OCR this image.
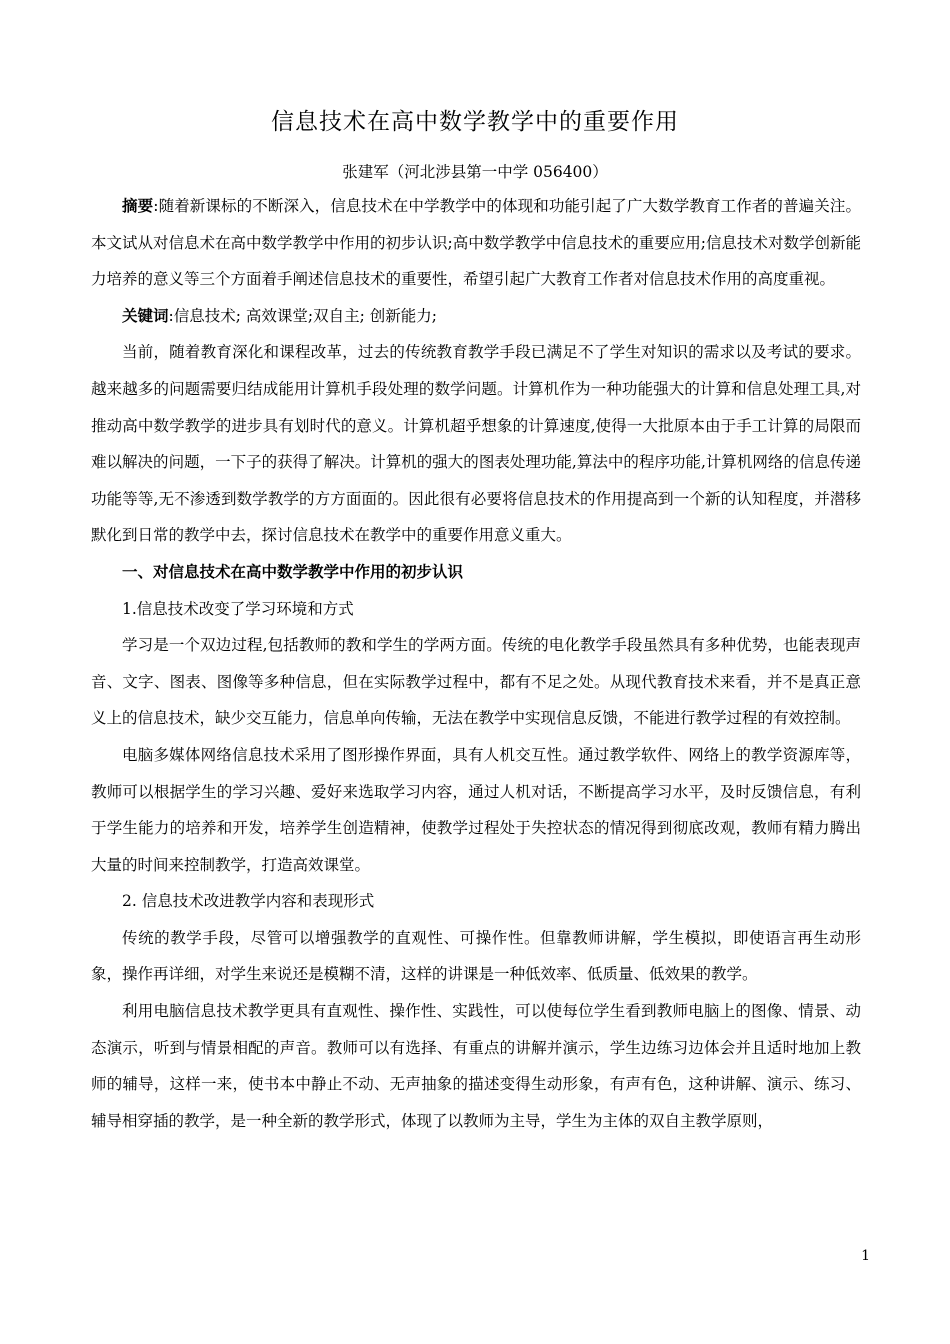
信息技术在高中数学教学中的重要作用
张建军（河北涉县第一中学 056400）

摘要:随着新课标的不断深入，信息技术在中学教学中的体现和功能引起了广大数学教育工作者的普遍关注。本文试从对信息术在高中数学教学中作用的初步认识;高中数学教学中信息技术的重要应用;信息技术对数学创新能力培养的意义等三个方面着手阐述信息技术的重要性，希望引起广大教育工作者对信息技术作用的高度重视。

关键词:信息技术; 高效课堂;双自主; 创新能力;

当前，随着教育深化和课程改革，过去的传统教育教学手段已满足不了学生对知识的需求以及考试的要求。越来越多的问题需要归结成能用计算机手段处理的数学问题。计算机作为一种功能强大的计算和信息处理工具,对推动高中数学教学的进步具有划时代的意义。计算机超乎想象的计算速度,使得一大批原本由于手工计算的局限而难以解决的问题，一下子的获得了解决。计算机的强大的图表处理功能,算法中的程序功能,计算机网络的信息传递功能等等,无不渗透到数学教学的方方面面的。因此很有必要将信息技术的作用提高到一个新的认知程度，并潜移默化到日常的教学中去，探讨信息技术在教学中的重要作用意义重大。

一、对信息技术在高中数学教学中作用的初步认识

1.信息技术改变了学习环境和方式

学习是一个双边过程,包括教师的教和学生的学两方面。传统的电化教学手段虽然具有多种优势，也能表现声音、文字、图表、图像等多种信息，但在实际教学过程中，都有不足之处。从现代教育技术来看，并不是真正意义上的信息技术，缺少交互能力，信息单向传输，无法在教学中实现信息反馈，不能进行教学过程的有效控制。

电脑多媒体网络信息技术采用了图形操作界面，具有人机交互性。通过教学软件、网络上的教学资源库等，教师可以根据学生的学习兴趣、爱好来选取学习内容，通过人机对话，不断提高学习水平，及时反馈信息，有利于学生能力的培养和开发，培养学生创造精神，使教学过程处于失控状态的情况得到彻底改观，教师有精力腾出大量的时间来控制教学，打造高效课堂。

2. 信息技术改进教学内容和表现形式

传统的教学手段，尽管可以增强教学的直观性、可操作性。但靠教师讲解，学生模拟，即使语言再生动形象，操作再详细，对学生来说还是模糊不清，这样的讲课是一种低效率、低质量、低效果的教学。

利用电脑信息技术教学更具有直观性、操作性、实践性，可以使每位学生看到教师电脑上的图像、情景、动态演示，听到与情景相配的声音。教师可以有选择、有重点的讲解并演示，学生边练习边体会并且适时地加上教师的辅导，这样一来，使书本中静止不动、无声抽象的描述变得生动形象，有声有色，这种讲解、演示、练习、辅导相穿插的教学，是一种全新的教学形式，体现了以教师为主导，学生为主体的双自主教学原则，

1
